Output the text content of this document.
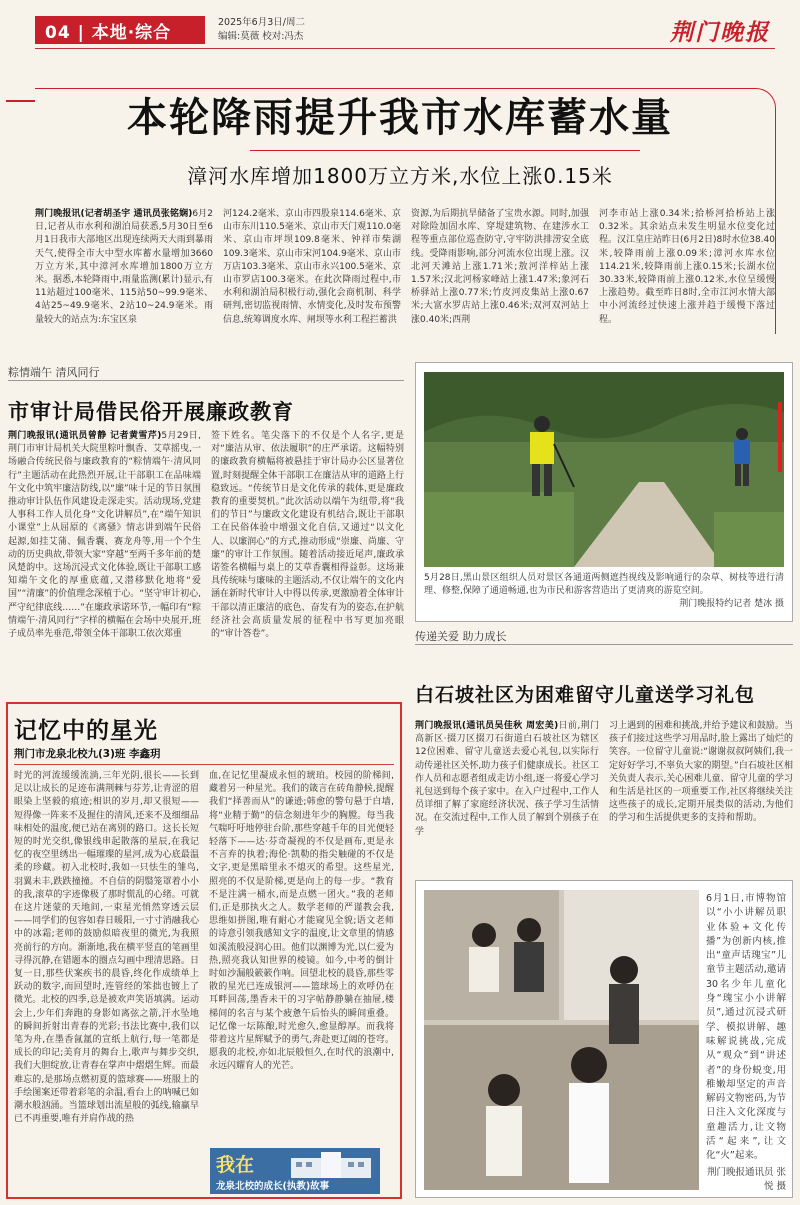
04 | 本地·综合	2025年6月3日/周二
编辑:莫薇 校对:冯杰	荆门晚报
本轮降雨提升我市水库蓄水量
漳河水库增加1800万立方米,水位上涨0.15米
荆门晚报讯(记者胡圣宇 通讯员张铭娴)6月2日,记者从市水利和湖泊局获悉,5月30日至6月1日我市大部地区出现连续两天大雨到暴雨天气,使得全市大中型水库蓄水量增加3660万立方米,其中漳河水库增加1800万立方米。据悉,本轮降雨中,雨量监测(累计)显示,有11站超过100毫米、115站50~99.9毫米、4站25~49.9毫米、2站10~24.9毫米。雨量较大的站点为:东宝区泉
河124.2毫米、京山市四股泉114.6毫米、京山市东川110.5毫米、京山市天门观110.0毫米、京山市坪坝109.8毫米、钟祥市柴湖109.3毫米、京山市宋河104.9毫米、京山市万店103.3毫米、京山市永兴100.5毫米、京山市罗店100.3毫米。在此次降雨过程中,市水利和湖泊局积极行动,强化会商机制、科学研判,密切监视雨情、水情变化,及时发布预警信息,统筹调度水库、闸坝等水利工程拦蓄洪
资源,为后期抗旱储备了宝贵水源。同时,加强对除险加固水库、穿堤建筑物、在建涉水工程等重点部位巡查防守,守牢防洪排涝安全底线。受降雨影响,部分河流水位出现上涨。汉北河天滩站上涨1.71米;敖河洋梓站上涨1.57米;汉北河杨家峰站上涨1.47米;象河石桥驿站上涨0.77米;竹皮河皮集站上涨0.67米;大富水罗店站上涨0.46米;双河双河站上涨0.40米;西荆
河李市站上涨0.34米;拾桥河拾桥站上涨0.32米。其余站点未发生明显水位变化过程。汉江皇庄站昨日(6月2日)8时水位38.40米,较降雨前上涨0.09米;漳河水库水位114.21米,较降雨前上涨0.15米;长湖水位30.33米,较降雨前上涨0.12米,水位呈缓慢上涨趋势。截至昨日8时,全市江河水情大部中小河流经过快速上涨并趋于缓慢下落过程。
粽情端午 清风同行
市审计局借民俗开展廉政教育
荆门晚报讯(通讯员曾静 记者黄雪芹)5月29日,荆门市审计局机关大院里粽叶飘香、艾草摇曳,一场融合传统民俗与廉政教育的“粽情端午·清风同行”主题活动在此热烈开展,让干部职工在品味端午文化中筑牢廉洁防线,以“廉”味十足的节日氛围推动审计队伍作风建设走深走实。活动现场,党建人事科工作人员化身“文化讲解员”,在“端午知识小课堂”上从屈原的《离骚》情志讲到端午民俗起源,如挂艾蒲、佩香囊、赛龙舟等,用一个个生动的历史典故,带领大家“穿越”至两千多年前的楚风楚韵中。这场沉浸式文化体验,既让干部职工感知端午文化的厚重底蕴,又潜移默化地将“爱国”“清廉”的价值理念深植于心。“坚守审计初心,严守纪律底线……”在廉政承诺环节,一幅印有“粽情端午·清风同行”字样的横幅在会场中央展开,班子成员率先垂范,带领全体干部职工依次郑重
签下姓名。笔尖落下的不仅是个人名字,更是对“廉洁从审、依法履职”的庄严承诺。这幅特别的廉政教育横幅将被悬挂于审计局办公区显著位置,时刻提醒全体干部职工在廉洁从审的道路上行稳致远。“传统节日是文化传承的载体,更是廉政教育的重要契机。”此次活动以端午为纽带,将“我们的节日”与廉政文化建设有机结合,既让干部职工在民俗体验中增强文化自信,又通过“以文化人、以廉润心”的方式,推动形成“崇廉、尚廉、守廉”的审计工作氛围。随着活动接近尾声,廉政承诺签名横幅与桌上的艾草香囊相得益彰。这场兼具传统味与廉味的主题活动,不仅让端午的文化内涵在新时代审计人中得以传承,更激励着全体审计干部以清正廉洁的底色、奋发有为的姿态,在护航经济社会高质量发展的征程中书写更加亮眼的“审计答卷”。
5月28日,黑山景区组织人员对景区各通道两侧遮挡视线及影响通行的杂草、树枝等进行清理、修整,保障了通道畅通,也为市民和游客营造出了更清爽的游览空间。
荆门晚报特约记者 楚冰 摄
传递关爱 助力成长
白石坡社区为困难留守儿童送学习礼包
荆门晚报讯(通讯员吴佳秋 周宏美)日前,荆门高新区·掇刀区掇刀石街道白石坡社区为辖区12位困难、留守儿童送去爱心礼包,以实际行动传递社区关怀,助力孩子们健康成长。社区工作人员和志愿者组成走访小组,逐一将爱心学习礼包送到每个孩子家中。在入户过程中,工作人员详细了解了家庭经济状况、孩子学习生活情况。在交流过程中,工作人员了解到个别孩子在学
习上遇到的困难和挑战,并给予建议和鼓励。当孩子们接过这些学习用品时,脸上露出了灿烂的笑容。一位留守儿童说:“谢谢叔叔阿姨们,我一定好好学习,不辜负大家的期望。”白石坡社区相关负责人表示,关心困难儿童、留守儿童的学习和生活是社区的一项重要工作,社区将继续关注这些孩子的成长,定期开展类似的活动,为他们的学习和生活提供更多的支持和帮助。
6月1日,市博物馆以“小小讲解员职业体验+文化传播”为创新内核,推出“童声话瑰宝”儿童节主题活动,邀请30名少年儿童化身“瑰宝小小讲解员”,通过沉浸式研学、模拟讲解、趣味解说挑战,完成从“观众”到“讲述者”的身份蜕变,用稚嫩却坚定的声音解码文物密码,为节日注入文化深度与童趣活力,让文物活“起来”,让文化“火”起来。
荆门晚报通讯员 张悦 摄
记忆中的星光
荆门市龙泉北校九(3)班 李鑫玥
时光的河流缓缓流淌,三年光阴,很长——长到足以让成长的足迹布满荆棘与芬芳,让青涩的眉眼染上坚毅的痕迹;相识的岁月,却又很短——短得像一阵来不及握住的清风,还来不及细细品味相处的温度,便已站在离别的路口。这长长短短的时光交织,像银线串起散落的星辰,在我记忆的夜空里绣出一幅璀璨的星河,成为心底最温柔的珍藏。初入北校时,我如一只怯生的雏鸟,羽翼未丰,跌跌撞撞。不自信的阴翳笼罩着小小的我,滚草的字迹像极了那时慌乱的心绪。可就在这片迷蒙的天地间,一束星光悄然穿透云层——同学们的包容如春日暖阳,一寸寸消融我心中的冰霜;老师的鼓励似暗夜里的微光,为我照亮前行的方向。渐渐地,我在横平竖直的笔画里寻得沉静,在错题本的圈点勾画中理清思路。日复一日,那些伏案疾书的晨昏,终化作成绩单上跃动的数字,而回望时,连管经的笨拙也镀上了微光。北校的四季,总是被欢声笑语填满。运动会上,少年们奔跑的身影如离弦之箭,汗水坠地的瞬间折射出青春的光彩;书法比赛中,我们以笔为舟,在墨香氤氲的宣纸上航行,每一笔都是成长的印记;美育月的舞台上,歌声与舞步交织,我们大胆绽放,让青春在掌声中熠熠生辉。而最难忘的,是那场点燃初夏的篮球赛——班服上的手绘图案还带着彩笔的余温,看台上的呐喊已如潮水般汹涌。当篮球划出流星般的弧线,输赢早已不再重要,唯有并肩作战的热
血,在记忆里凝成永恒的琥珀。校园的阶梯间,藏着另一种星光。我们的箴言在砖角静候,提醒我们“择善而从”的谦逊;韩愈的警句悬于白墙,将“业精于勤”的信念刻进年少的胸膛。每当我气喘吁吁地停驻台阶,那些穿越千年的目光便轻轻落下——达·芬奇凝视的不仅是画布,更是永不言弃的执着;海伦·凯勒的指尖触碰的不仅是文字,更是黑暗里永不熄灭的希望。这些星光,照亮的不仅是阶梯,更是向上的每一步。“教育不是注满一桶水,而是点燃一团火。”我的老师们,正是那执火之人。数学老师的严谨教会我,思维如拼图,唯有耐心才能窥见全貌;语文老师的诗意引领我感知文字的温度,让文章里的情感如溪流般浸润心田。他们以渊博为光,以仁爱为热,照亮我认知世界的棱镜。如今,中考的倒计时如沙漏般簌簌作响。回望北校的晨昏,那些零散的星光已连成银河——篮球场上的欢呼仍在耳畔回荡,墨香未干的习字帖静静躺在抽屉,楼梯间的名言与某个疲惫午后怡头的瞬间重叠。记忆像一坛陈酿,时光愈久,愈显醇厚。而我将带着这片星辉赋予的勇气,奔赴更辽阔的苍穹。愿我的北校,亦如北辰般恒久,在时代的浪潮中,永远闪耀育人的光芒。
我在
龙泉北校的成长(执教)故事
